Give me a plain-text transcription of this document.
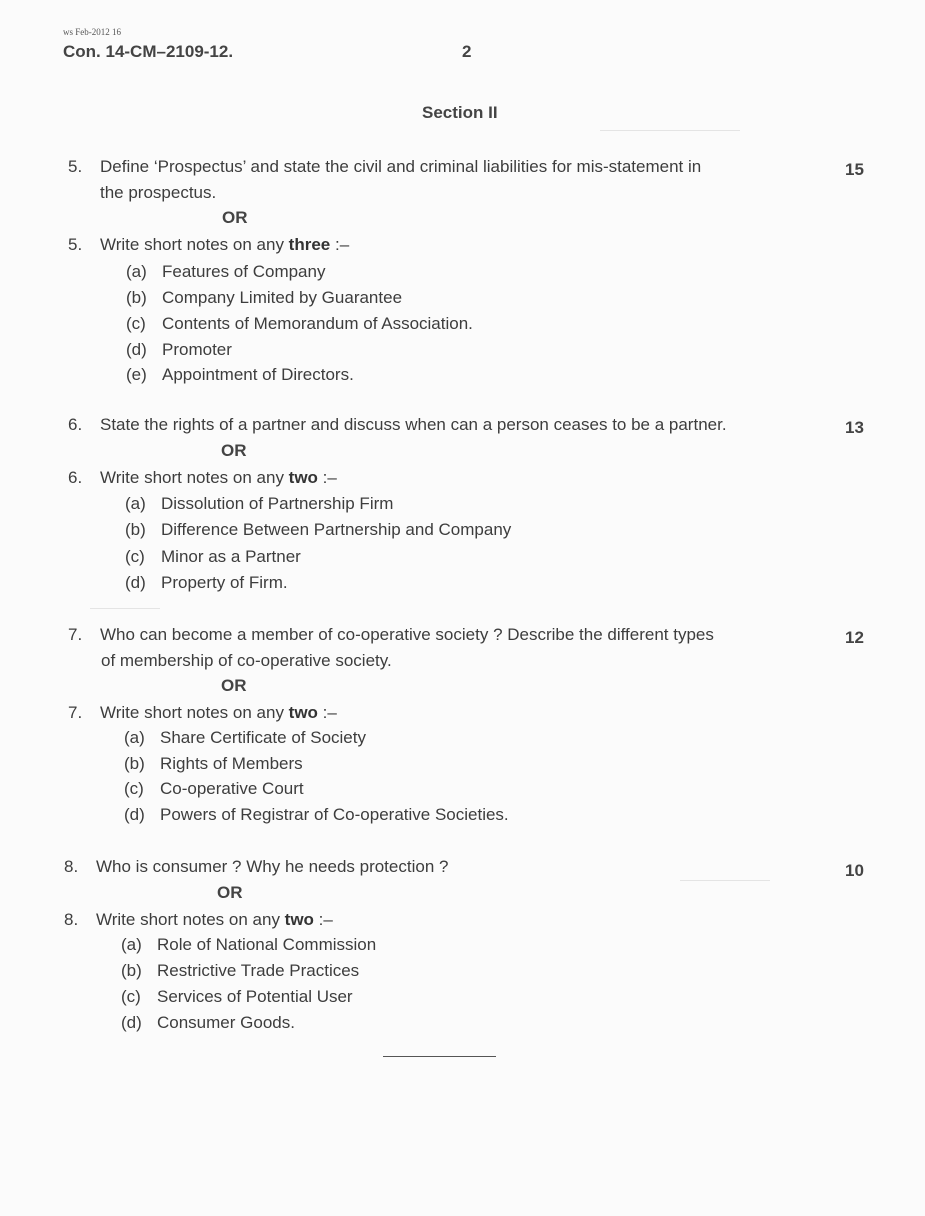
ws Feb-2012 16
Con. 14-CM–2109-12.	2
Section II
5. Define ‘Prospectus’ and state the civil and criminal liabilities for mis-statement in
the prospectus.
15
OR
5. Write short notes on any three :–
(a) Features of Company
(b) Company Limited by Guarantee
(c) Contents of Memorandum of Association.
(d) Promoter
(e) Appointment of Directors.
6. State the rights of a partner and discuss when can a person ceases to be a partner.	13
OR
6. Write short notes on any two :–
(a) Dissolution of Partnership Firm
(b) Difference Between Partnership and Company
(c) Minor as a Partner
(d) Property of Firm.
7. Who can become a member of co-operative society ? Describe the different types
of membership of co-operative society.
12
OR
7. Write short notes on any two :–
(a) Share Certificate of Society
(b) Rights of Members
(c) Co-operative Court
(d) Powers of Registrar of Co-operative Societies.
8. Who is consumer ? Why he needs protection ?	10
OR
8. Write short notes on any two :–
(a) Role of National Commission
(b) Restrictive Trade Practices
(c) Services of Potential User
(d) Consumer Goods.
